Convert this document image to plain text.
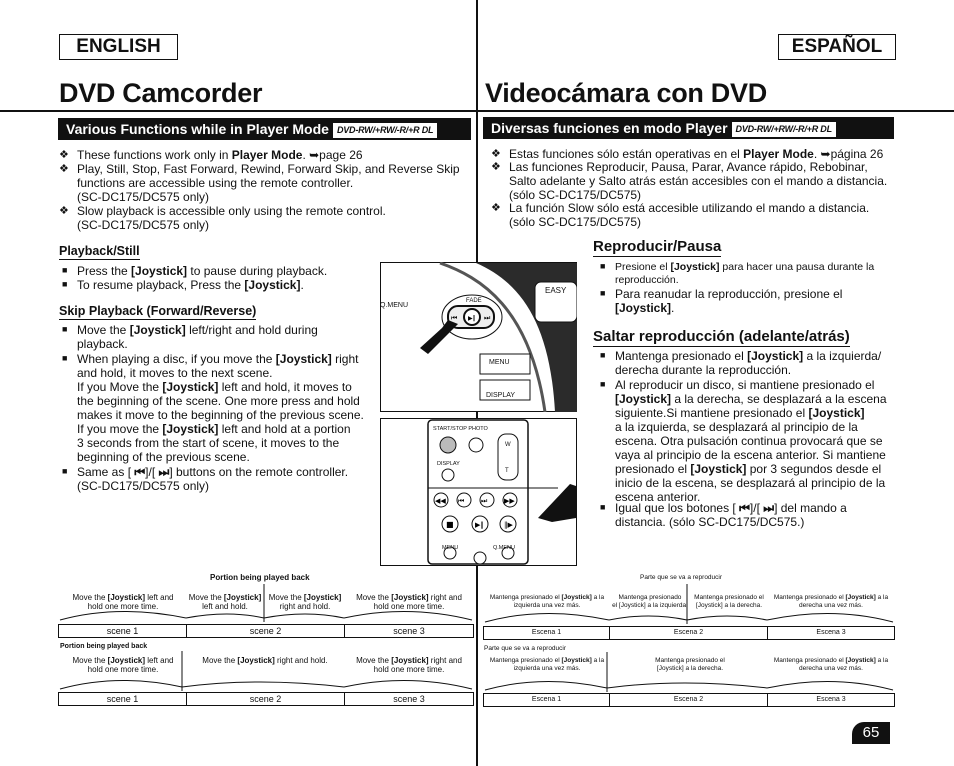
ENGLISH	ESPAÑOL
DVD Camcorder	Videocámara con DVD
Various Functions while in Player Mode DVD-RW/+RW/-R/+R DL	Diversas funciones en modo Player DVD-RW/+RW/-R/+R DL
❖ These functions work only in Player Mode. ➥page 26
❖ Play, Still, Stop, Fast Forward, Rewind, Forward Skip, and Reverse Skip functions are accessible using the remote controller.
(SC-DC175/DC575 only)
❖ Slow playback is accessible only using the remote control.
(SC-DC175/DC575 only)
Playback/Still
■ Press the [Joystick] to pause during playback.
■ To resume playback, Press the [Joystick].
Skip Playback (Forward/Reverse)
■ Move the [Joystick] left/right and hold during
playback.
■ When playing a disc, if you move the [Joystick] right
and hold, it moves to the next scene.
If you Move the [Joystick] left and hold, it moves to
the beginning of the scene. One more press and hold
makes it move to the beginning of the previous scene.
If you move the [Joystick] left and hold at a portion
3 seconds from the start of scene, it moves to the
beginning of the previous scene.
■ Same as [ ⏮]/[ ⏭] buttons on the remote controller.
(SC-DC175/DC575 only)
❖ Estas funciones sólo están operativas en el Player Mode. ➥página 26
❖ Las funciones Reproducir, Pausa, Parar, Avance rápido, Rebobinar,
Salto adelante y Salto atrás están accesibles con el mando a distancia.
(sólo SC-DC175/DC575)
❖ La función Slow sólo está accesible utilizando el mando a distancia.
(sólo SC-DC175/DC575)
Reproducir/Pausa
■ Presione el [Joystick] para hacer una pausa durante la
reproducción.
■ Para reanudar la reproducción, presione el
[Joystick].
Saltar reproducción (adelante/atrás)
■ Mantenga presionado el [Joystick] a la izquierda/
derecha durante la reproducción.
■ Al reproducir un disco, si mantiene presionado el
[Joystick] a la derecha, se desplazará a la escena
siguiente.Si mantiene presionado el [Joystick]
a la izquierda, se desplazará al principio de la
escena. Otra pulsación continua provocará que se
vaya al principio de la escena anterior. Si mantiene
presionado el [Joystick] por 3 segundos desde el
inicio de la escena, se desplazará al principio de la
escena anterior.
■ Igual que los botones [ ⏮]/[ ⏭] del mando a
distancia. (sólo SC-DC175/DC575.)
⏮	⏭
▶‖
Q.MENU
FADE
EASY
MENU
DISPLAY
◀◀ ⏮ ⏭ ▶▶
■	▶‖	‖▶
START/STOP PHOTO
W
T
DISPLAY
MENU	Q.MENU
Portion being played back
Move the [Joystick] left and
hold one more time.
Move the [Joystick]
left and hold.
Move the [Joystick]
right and hold.
Move the [Joystick] right and
hold one more time.
scene 1	scene 2	scene 3
Portion being played back
Move the [Joystick] left and
hold one more time.
Move the [Joystick] right and hold.	Move the [Joystick] right and
hold one more time.
scene 1	scene 2	scene 3
Parte que se va a reproducir
Mantenga presionado el [Joystick] a la
izquierda una vez más.
Mantenga presionado
el [Joystick] a la izquierda.
Mantenga presionado el
[Joystick] a la derecha.
Mantenga presionado el [Joystick] a la
derecha una vez más.
Escena 1	Escena 2	Escena 3
Parte que se va a reproducir
Mantenga presionado el [Joystick] a la
izquierda una vez más.
Mantenga presionado el
[Joystick] a la derecha.
Mantenga presionado el [Joystick] a la
derecha una vez más.
Escena 1	Escena 2	Escena 3
65
